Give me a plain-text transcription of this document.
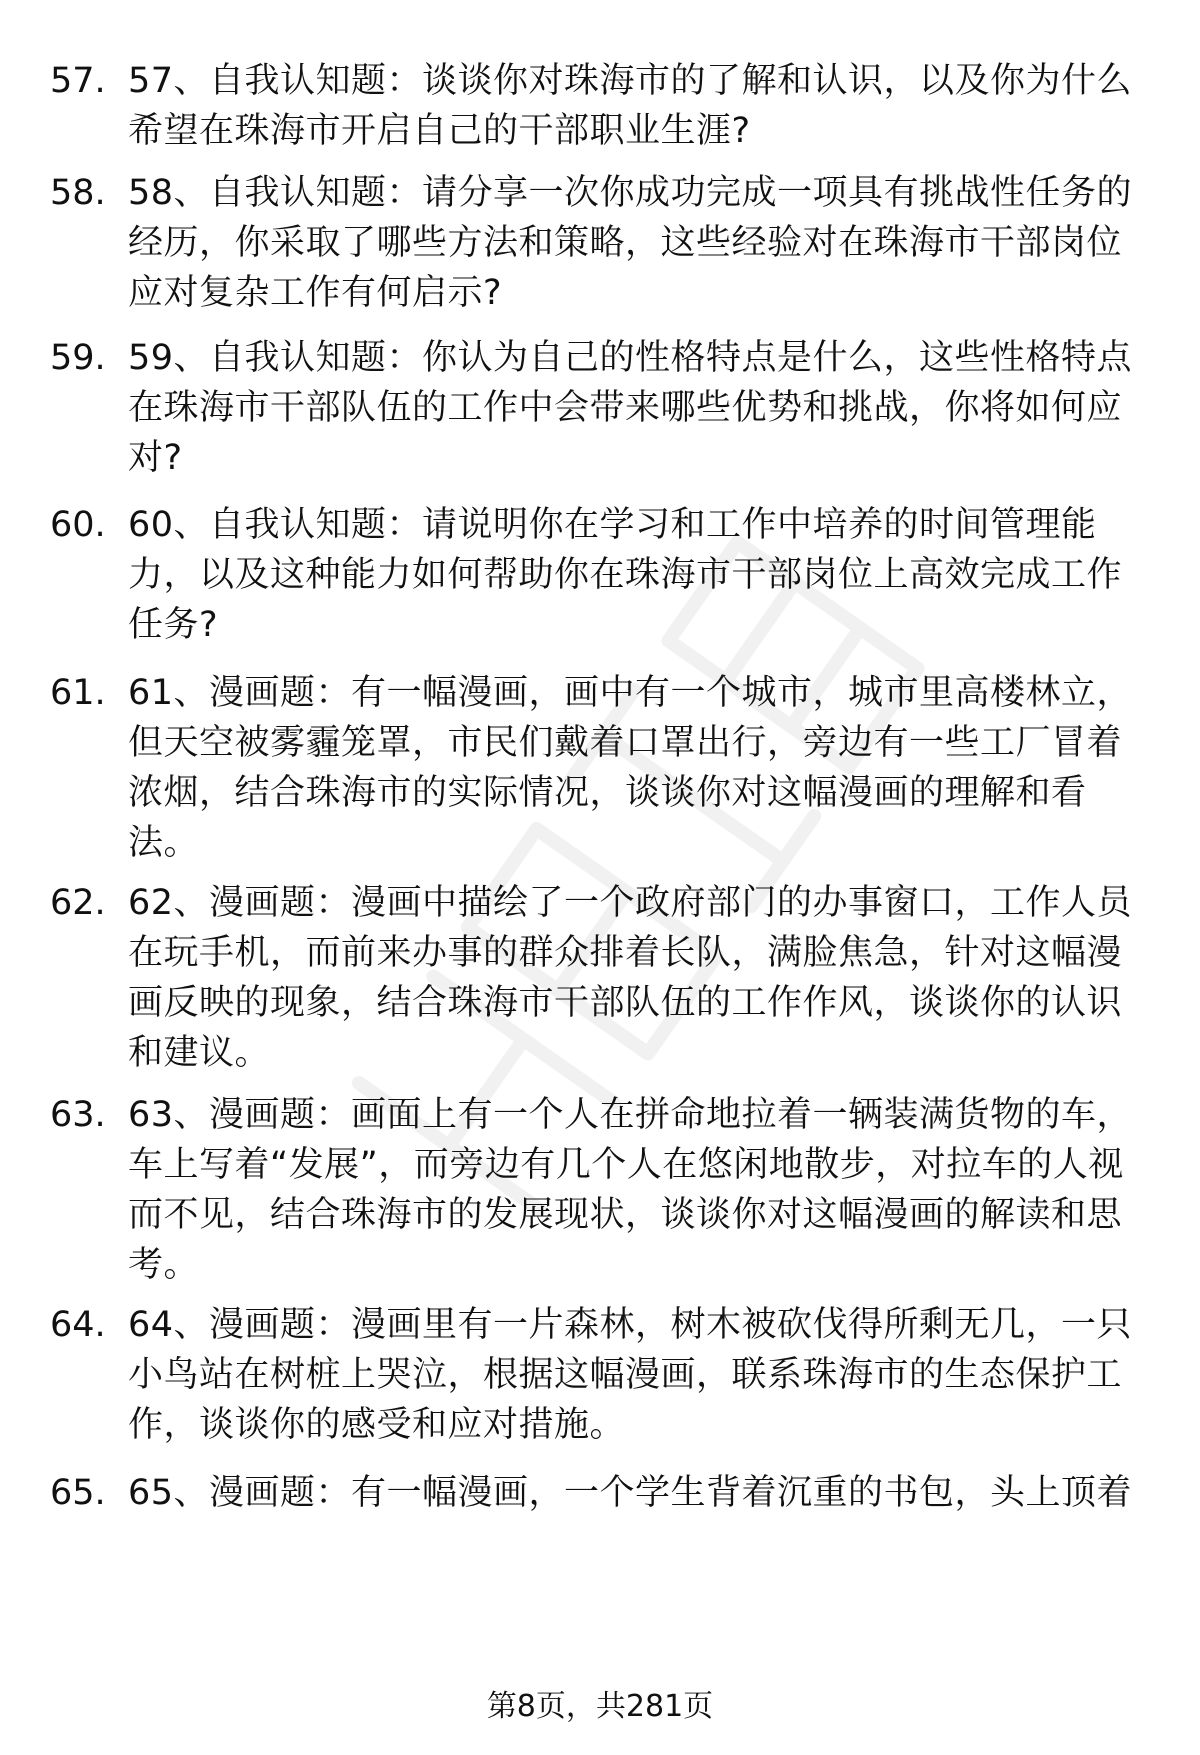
57. 57、自我认知题：谈谈你对珠海市的了解和认识，以及你为什么希望在珠海市开启自己的干部职业生涯?
58. 58、自我认知题：请分享一次你成功完成一项具有挑战性任务的经历，你采取了哪些方法和策略，这些经验对在珠海市干部岗位应对复杂工作有何启示?
59. 59、自我认知题：你认为自己的性格特点是什么，这些性格特点在珠海市干部队伍的工作中会带来哪些优势和挑战，你将如何应对?
60. 60、自我认知题：请说明你在学习和工作中培养的时间管理能力，以及这种能力如何帮助你在珠海市干部岗位上高效完成工作任务?
61. 61、漫画题：有一幅漫画，画中有一个城市，城市里高楼林立，但天空被雾霾笼罩，市民们戴着口罩出行，旁边有一些工厂冒着浓烟，结合珠海市的实际情况，谈谈你对这幅漫画的理解和看法。
62. 62、漫画题：漫画中描绘了一个政府部门的办事窗口，工作人员在玩手机，而前来办事的群众排着长队，满脸焦急，针对这幅漫画反映的现象，结合珠海市干部队伍的工作作风，谈谈你的认识和建议。
63. 63、漫画题：画面上有一个人在拼命地拉着一辆装满货物的车，车上写着“发展”，而旁边有几个人在悠闲地散步，对拉车的人视而不见，结合珠海市的发展现状，谈谈你对这幅漫画的解读和思考。
64. 64、漫画题：漫画里有一片森林，树木被砍伐得所剩无几，一只小鸟站在树桩上哭泣，根据这幅漫画，联系珠海市的生态保护工作，谈谈你的感受和应对措施。
65. 65、漫画题：有一幅漫画，一个学生背着沉重的书包，头上顶着
第8页，共281页
